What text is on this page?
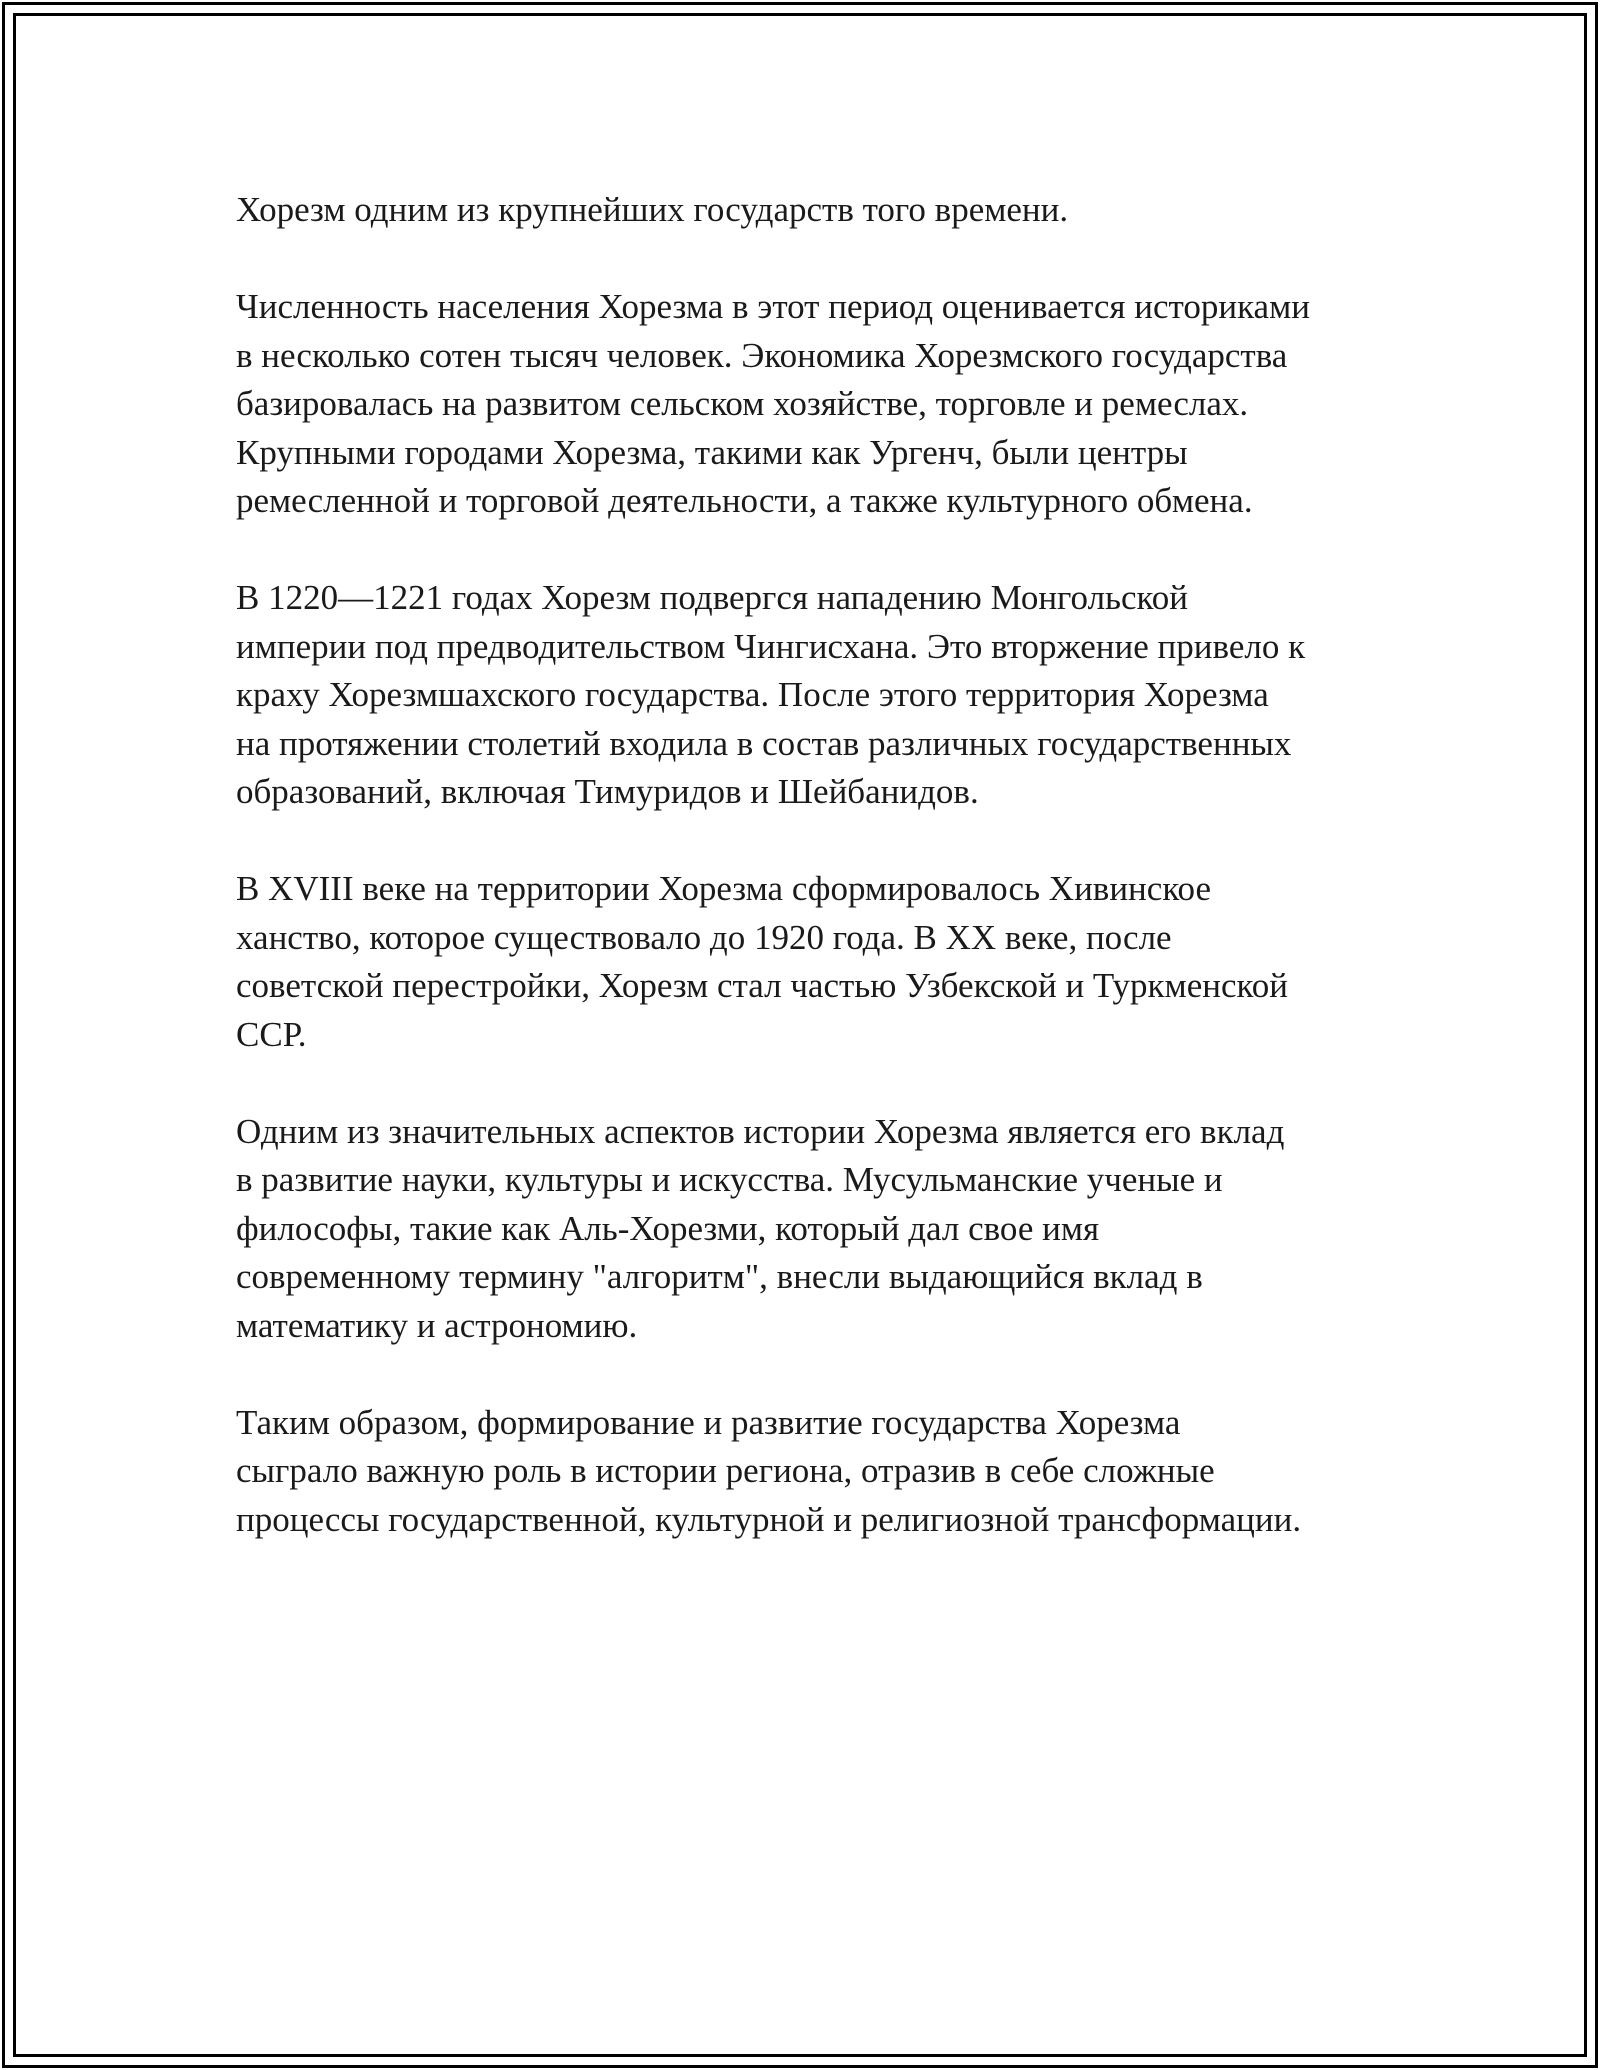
Хорезм одним из крупнейших государств того времени.

Численность населения Хорезма в этот период оценивается историками
в несколько сотен тысяч человек. Экономика Хорезмского государства
базировалась на развитом сельском хозяйстве, торговле и ремеслах.
Крупными городами Хорезма, такими как Ургенч, были центры
ремесленной и торговой деятельности, а также культурного обмена.

В 1220—1221 годах Хорезм подвергся нападению Монгольской
империи под предводительством Чингисхана. Это вторжение привело к
краху Хорезмшахского государства. После этого территория Хорезма
на протяжении столетий входила в состав различных государственных
образований, включая Тимуридов и Шейбанидов.

В XVIII веке на территории Хорезма сформировалось Хивинское
ханство, которое существовало до 1920 года. В XX веке, после
советской перестройки, Хорезм стал частью Узбекской и Туркменской
ССР.

Одним из значительных аспектов истории Хорезма является его вклад
в развитие науки, культуры и искусства. Мусульманские ученые и
философы, такие как Аль-Хорезми, который дал свое имя
современному термину "алгоритм", внесли выдающийся вклад в
математику и астрономию.

Таким образом, формирование и развитие государства Хорезма
сыграло важную роль в истории региона, отразив в себе сложные
процессы государственной, культурной и религиозной трансформации.
